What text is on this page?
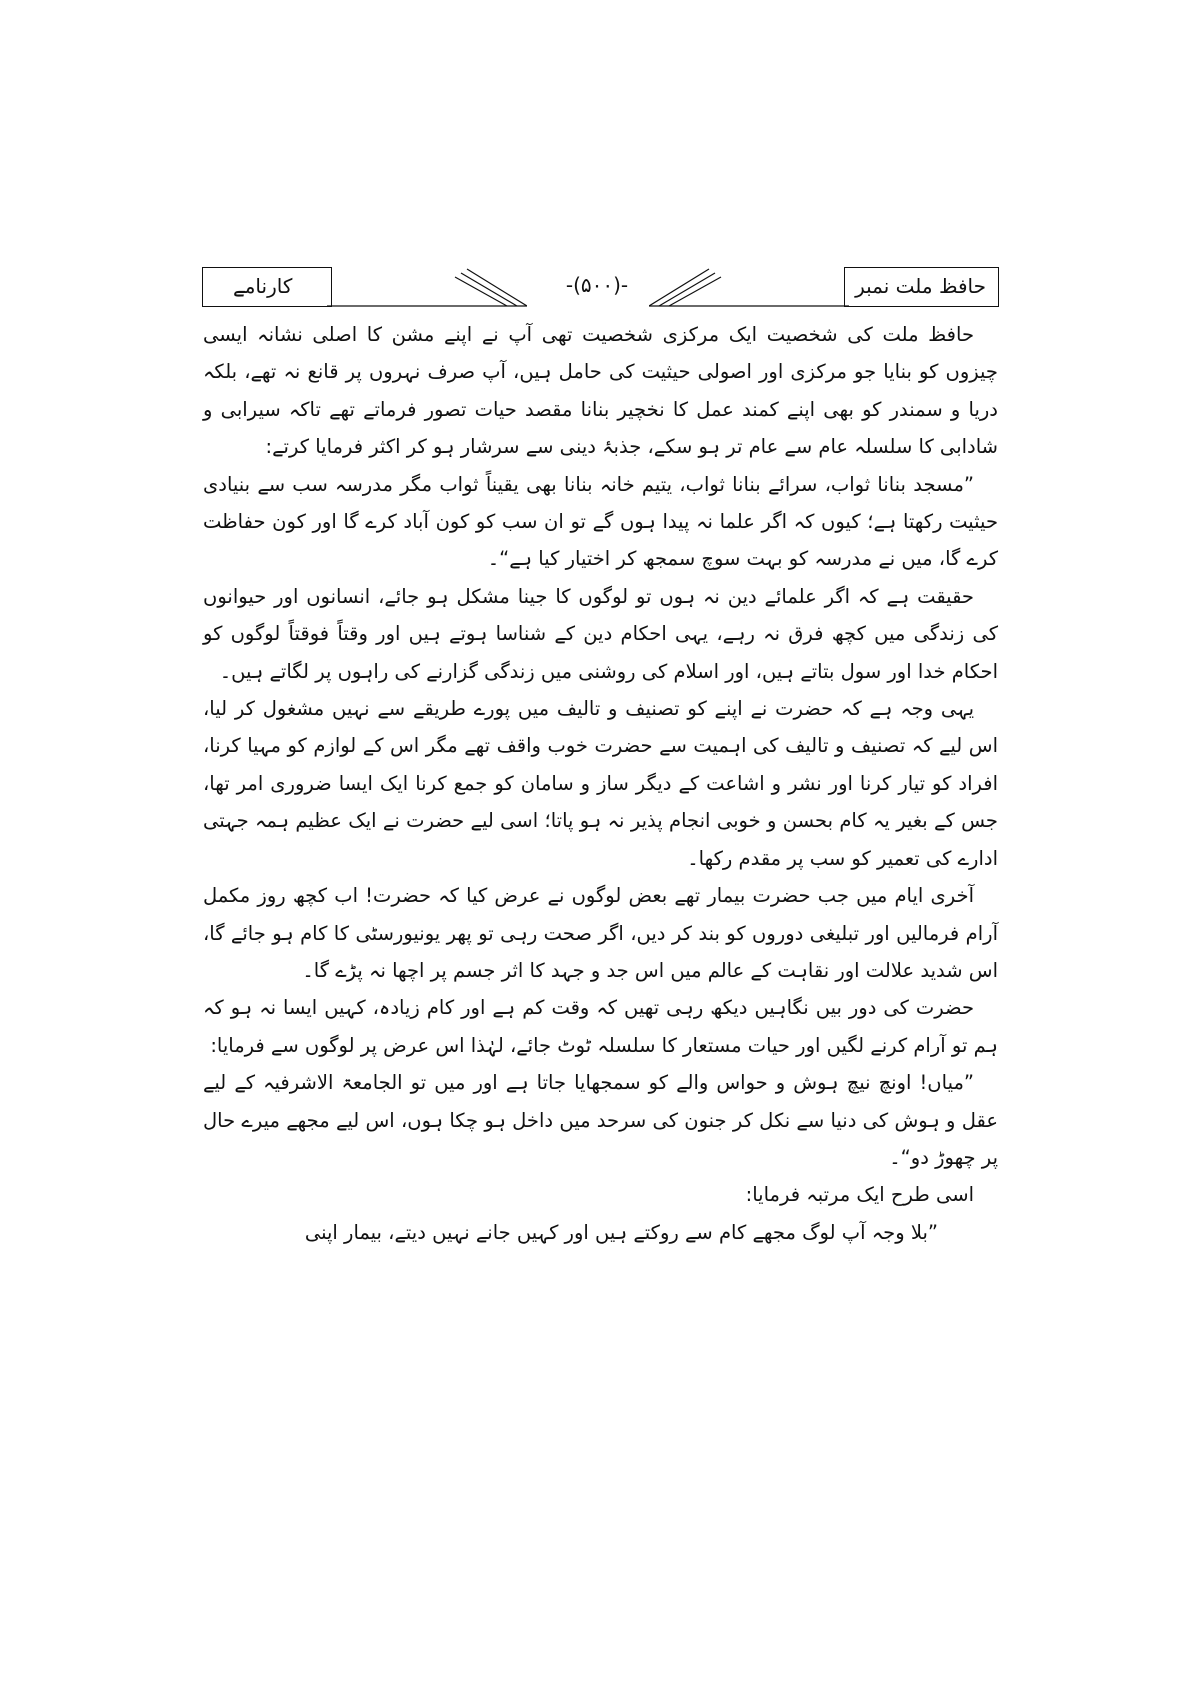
حافظ ملت نمبر
-(۵۰۰)-
کارنامے

حافظ ملت کی شخصیت ایک مرکزی شخصیت تھی آپ نے اپنے مشن کا اصلی نشانہ ایسی چیزوں کو بنایا جو مرکزی اور اصولی حیثیت کی حامل ہیں، آپ صرف نہروں پر قانع نہ تھے، بلکہ دریا و سمندر کو بھی اپنے کمند عمل کا نخچیر بنانا مقصد حیات تصور فرماتے تھے تاکہ سیرابی و شادابی کا سلسلہ عام سے عام تر ہو سکے، جذبۂ دینی سے سرشار ہو کر اکثر فرمایا کرتے:

”مسجد بنانا ثواب، سرائے بنانا ثواب، یتیم خانہ بنانا بھی یقیناً ثواب مگر مدرسہ سب سے بنیادی حیثیت رکھتا ہے؛ کیوں کہ اگر علما نہ پیدا ہوں گے تو ان سب کو کون آباد کرے گا اور کون حفاظت کرے گا، میں نے مدرسہ کو بہت سوچ سمجھ کر اختیار کیا ہے“۔

حقیقت ہے کہ اگر علمائے دین نہ ہوں تو لوگوں کا جینا مشکل ہو جائے، انسانوں اور حیوانوں کی زندگی میں کچھ فرق نہ رہے، یہی احکام دین کے شناسا ہوتے ہیں اور وقتاً فوقتاً لوگوں کو احکام خدا اور سول بتاتے ہیں، اور اسلام کی روشنی میں زندگی گزارنے کی راہوں پر لگاتے ہیں۔

یہی وجہ ہے کہ حضرت نے اپنے کو تصنیف و تالیف میں پورے طریقے سے نہیں مشغول کر لیا، اس لیے کہ تصنیف و تالیف کی اہمیت سے حضرت خوب واقف تھے مگر اس کے لوازم کو مہیا کرنا، افراد کو تیار کرنا اور نشر و اشاعت کے دیگر ساز و سامان کو جمع کرنا ایک ایسا ضروری امر تھا، جس کے بغیر یہ کام بحسن و خوبی انجام پذیر نہ ہو پاتا؛ اسی لیے حضرت نے ایک عظیم ہمہ جہتی ادارے کی تعمیر کو سب پر مقدم رکھا۔

آخری ایام میں جب حضرت بیمار تھے بعض لوگوں نے عرض کیا کہ حضرت! اب کچھ روز مکمل آرام فرمالیں اور تبلیغی دوروں کو بند کر دیں، اگر صحت رہی تو پھر یونیورسٹی کا کام ہو جائے گا، اس شدید علالت اور نقاہت کے عالم میں اس جد و جہد کا اثر جسم پر اچھا نہ پڑے گا۔

حضرت کی دور بیں نگاہیں دیکھ رہی تھیں کہ وقت کم ہے اور کام زیادہ، کہیں ایسا نہ ہو کہ ہم تو آرام کرنے لگیں اور حیات مستعار کا سلسلہ ٹوٹ جائے، لہٰذا اس عرض پر لوگوں سے فرمایا:

”میاں! اونچ نیچ ہوش و حواس والے کو سمجھایا جاتا ہے اور میں تو الجامعۃ الاشرفیہ کے لیے عقل و ہوش کی دنیا سے نکل کر جنون کی سرحد میں داخل ہو چکا ہوں، اس لیے مجھے میرے حال پر چھوڑ دو“۔

اسی طرح ایک مرتبہ فرمایا:

”بلا وجہ آپ لوگ مجھے کام سے روکتے ہیں اور کہیں جانے نہیں دیتے، بیمار اپنی
